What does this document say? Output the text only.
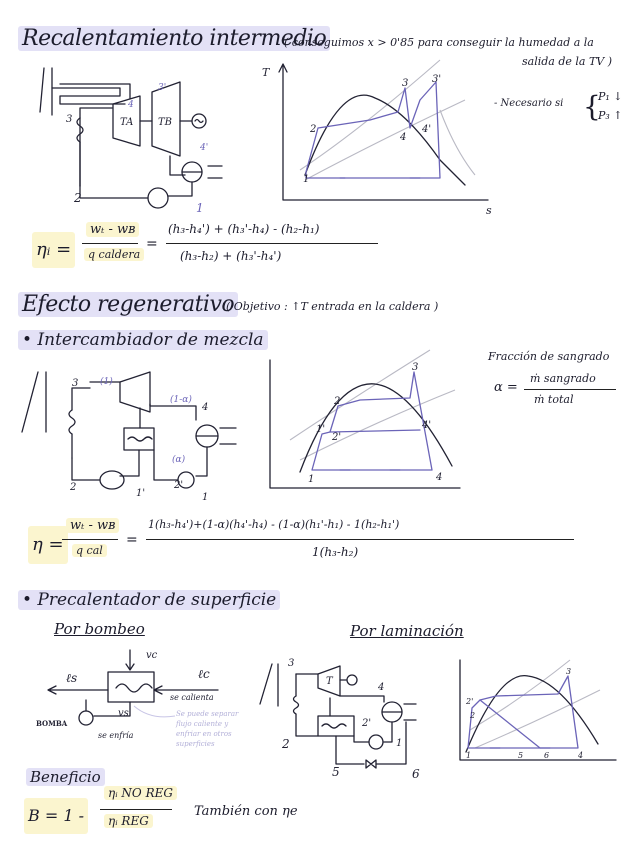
Recalentamiento intermedio
( conseguimos x > 0'85 para conseguir la humedad a la
salida de la TV )
- Necesario si {
P₁ ↓
P₃ ↑
3
3'
4
TA TB
4'
2
1
T
s
1
2
3 3'
4
4'
ηᵢ =
wₜ - wʙ
q caldera
=
(h₃-h₄') + (h₃'-h₄) - (h₂-h₁)
(h₃-h₂) + (h₃'-h₄')
Efecto regenerativo
( Objetivo : ↑T entrada en la caldera )
• Intercambiador de mezcla
Fracción de sangrado
α =
ṁ sangrado
ṁ total
3 (1)
(1-α)
4
(α)
1
2'
1'
2
1
1'
2'
2
3
4'
4
η =
wₜ - wʙ
q cal
=
1(h₃-h₄')+(1-α)(h₄'-h₄) - (1-α)(h₁'-h₁) - 1(h₂-h₁')
1(h₃-h₂)
• Precalentador de superficie
Por bombeo	Por laminación
vc
ℓs	ℓc
se calienta
vs
BOMBA
se enfría
Se puede separar
flujo caliente y
enfriar en otros
superficies
3
T
4
2'
1
2
5	6
2'
2
1
3
4
5	6
Beneficio
B = 1 -
ηᵢ NO REG
ηᵢ REG
También con ηe
